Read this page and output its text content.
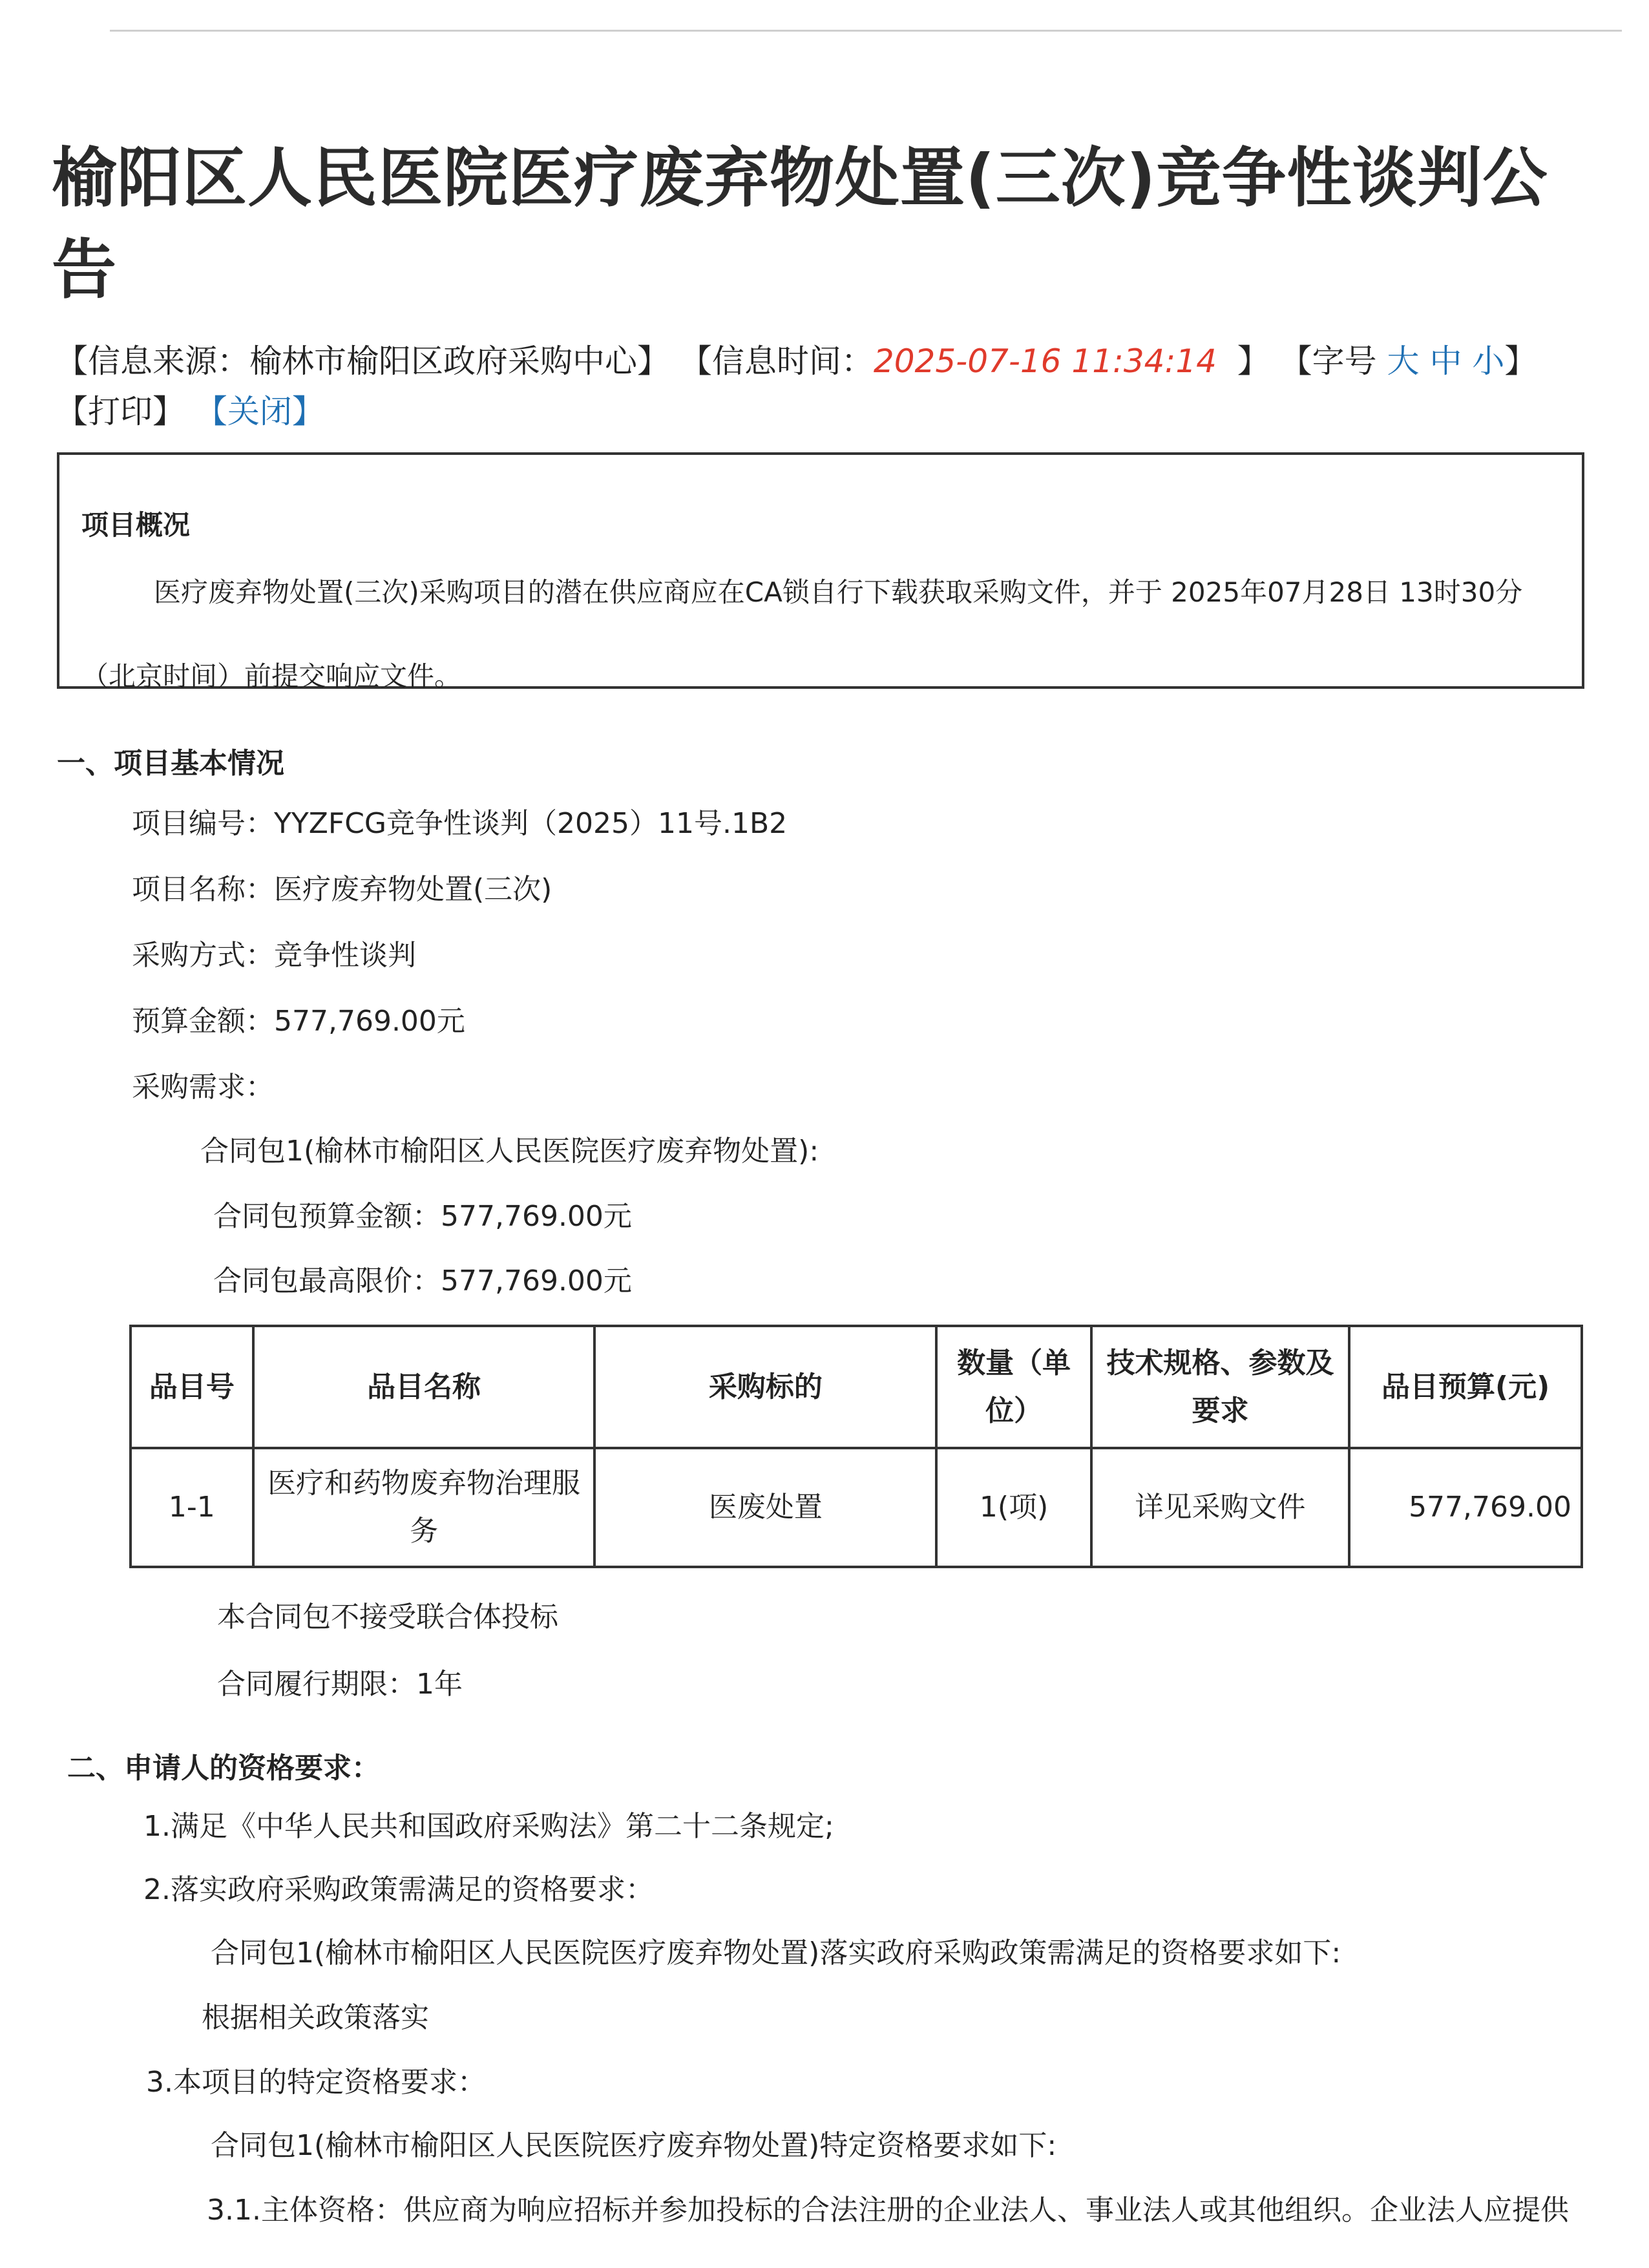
榆阳区人民医院医疗废弃物处置(三次)竞争性谈判公告
【信息来源：榆林市榆阳区政府采购中心】 【信息时间：2025-07-16 11:34:14  】 【字号 大 中 小】
【打印】 【关闭】
项目概况
医疗废弃物处置(三次)采购项目的潜在供应商应在CA锁自行下载获取采购文件，并于 2025年07月28日 13时30分 （北京时间）前提交响应文件。
一、项目基本情况
项目编号：YYZFCG竞争性谈判（2025）11号.1B2
项目名称：医疗废弃物处置(三次)
采购方式：竞争性谈判
预算金额：577,769.00元
采购需求：
合同包1(榆林市榆阳区人民医院医疗废弃物处置):
合同包预算金额：577,769.00元
合同包最高限价：577,769.00元
品目号	品目名称	采购标的	数量（单位）	技术规格、参数及要求	品目预算(元)
1-1	医疗和药物废弃物治理服务	医废处置	1(项)	详见采购文件	577,769.00
本合同包不接受联合体投标
合同履行期限：1年
二、申请人的资格要求：
1.满足《中华人民共和国政府采购法》第二十二条规定;
2.落实政府采购政策需满足的资格要求：
合同包1(榆林市榆阳区人民医院医疗废弃物处置)落实政府采购政策需满足的资格要求如下:
根据相关政策落实
3.本项目的特定资格要求：
合同包1(榆林市榆阳区人民医院医疗废弃物处置)特定资格要求如下:
3.1.主体资格：供应商为响应招标并参加投标的合法注册的企业法人、事业法人或其他组织。企业法人应提供
